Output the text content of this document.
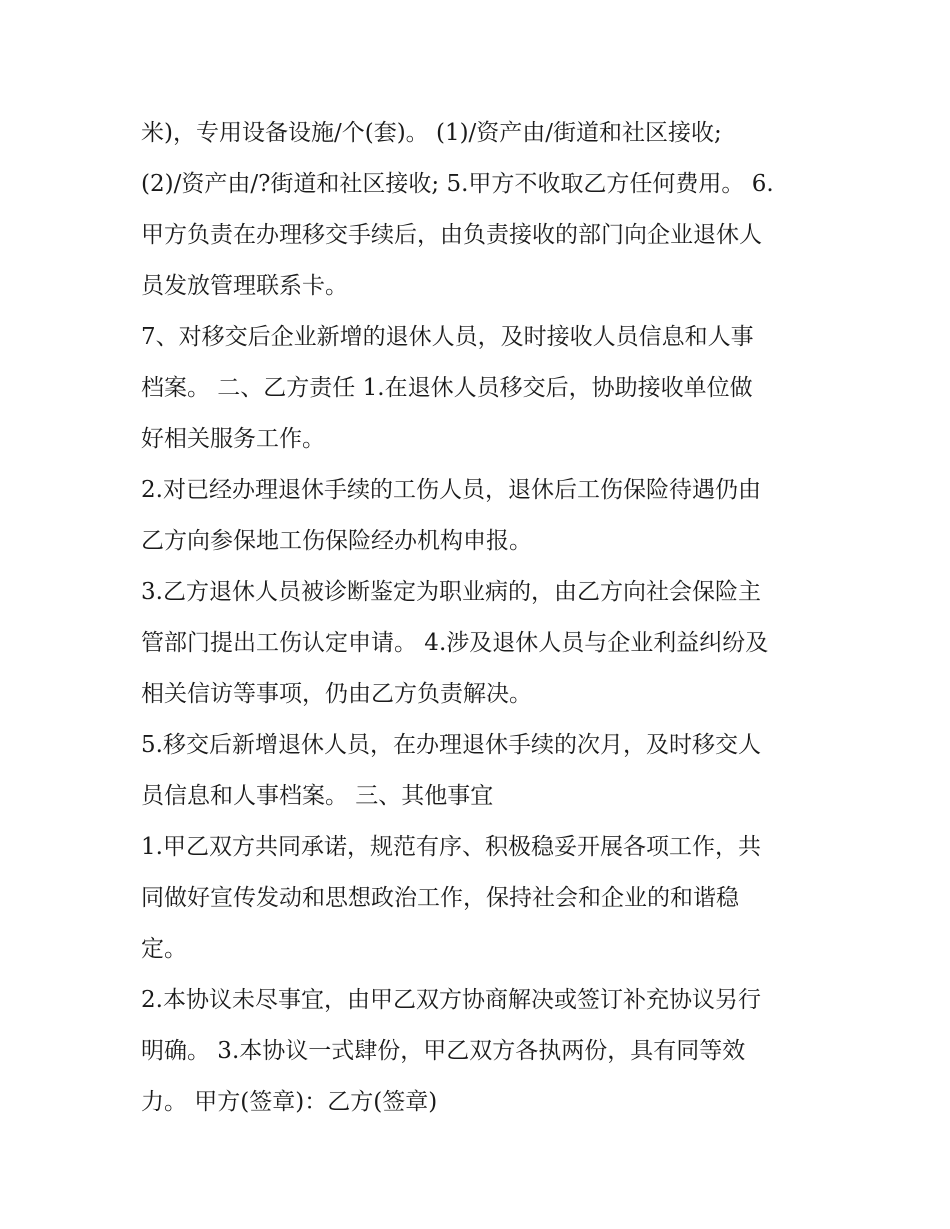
米)，专用设备设施/个(套)。 (1)/资产由/街道和社区接收;
(2)/资产由/?街道和社区接收; 5.甲方不收取乙方任何费用。 6.
甲方负责在办理移交手续后，由负责接收的部门向企业退休人
员发放管理联系卡。
7、对移交后企业新增的退休人员，及时接收人员信息和人事
档案。 二、乙方责任 1.在退休人员移交后，协助接收单位做
好相关服务工作。
2.对已经办理退休手续的工伤人员，退休后工伤保险待遇仍由
乙方向参保地工伤保险经办机构申报。
3.乙方退休人员被诊断鉴定为职业病的，由乙方向社会保险主
管部门提出工伤认定申请。 4.涉及退休人员与企业利益纠纷及
相关信访等事项，仍由乙方负责解决。
5.移交后新增退休人员，在办理退休手续的次月，及时移交人
员信息和人事档案。 三、其他事宜
1.甲乙双方共同承诺，规范有序、积极稳妥开展各项工作，共
同做好宣传发动和思想政治工作，保持社会和企业的和谐稳
定。
2.本协议未尽事宜，由甲乙双方协商解决或签订补充协议另行
明确。 3.本协议一式肆份，甲乙双方各执两份，具有同等效
力。 甲方(签章)：乙方(签章)
